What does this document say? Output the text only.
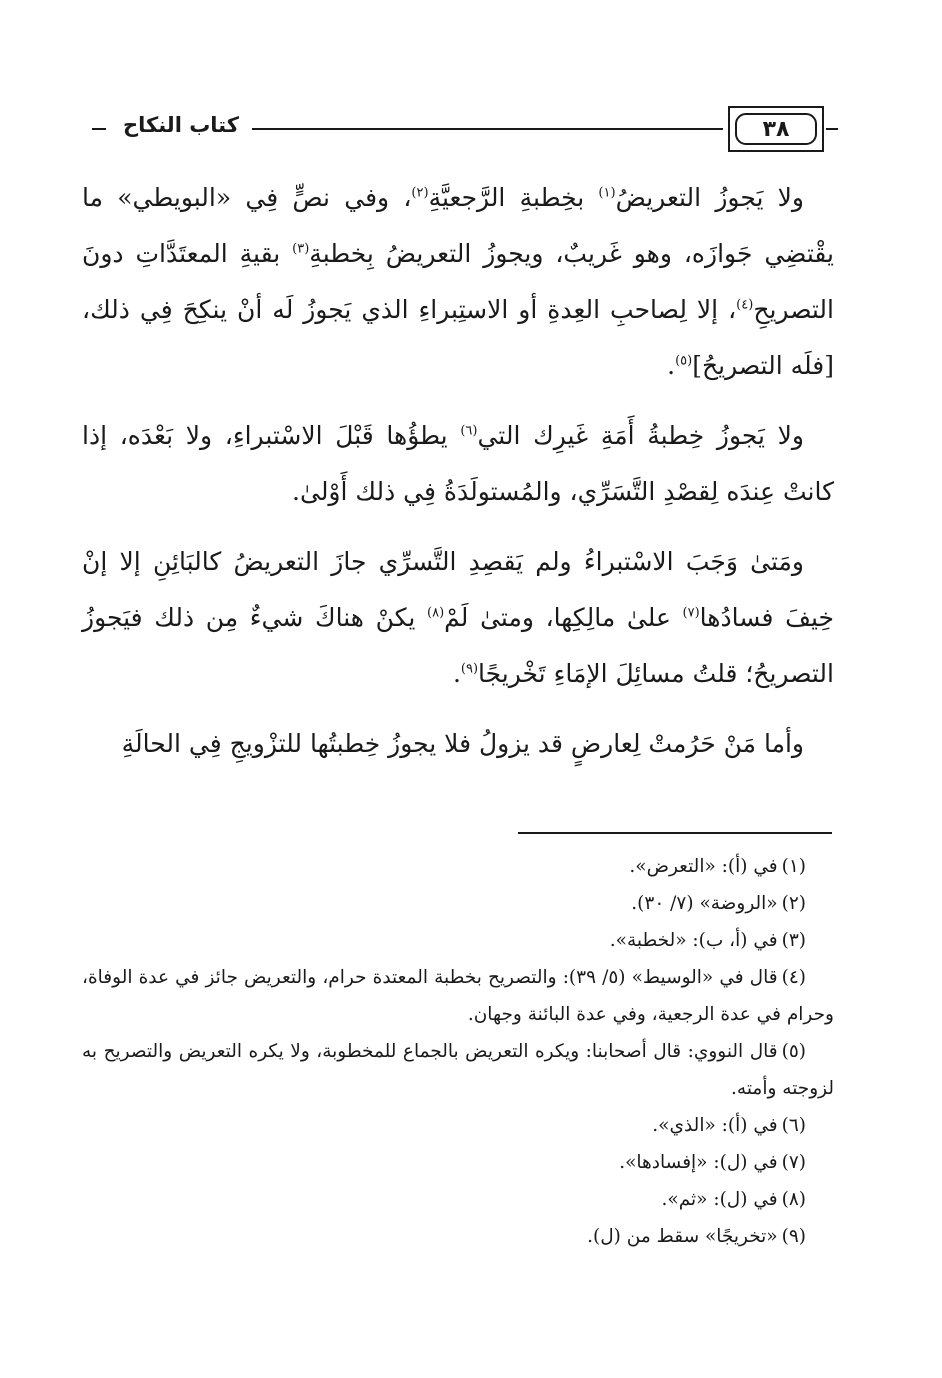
كتاب النكاح	٣٨

ولا يَجوزُ التعريضُ$^{(١)}$ بخِطبةِ الرَّجعيَّةِ$^{(٢)}$، وفي نصٍّ فِي «البويطي» ما يقْتضِي جَوازَه، وهو غَريبٌ، ويجوزُ التعريضُ بِخطبةِ$^{(٣)}$ بقيةِ المعتَدَّاتِ دونَ التصريحِ$^{(٤)}$، إلا لِصاحبِ العِدةِ أو الاستِبراءِ الذي يَجوزُ لَه أنْ ينكِحَ فِي ذلك، [فلَه التصريحُ]$^{(٥)}$.

ولا يَجوزُ خِطبةُ أَمَةِ غَيرِك التي$^{(٦)}$ يطؤُها قَبْلَ الاسْتبراءِ، ولا بَعْدَه، إذا كانتْ عِندَه لِقصْدِ التَّسَرِّي، والمُستولَدَةُ فِي ذلك أَوْلىٰ.

ومَتىٰ وَجَبَ الاسْتبراءُ ولم يَقصِدِ التَّسرِّي جازَ التعريضُ كالبَائِنِ إلا إنْ خِيفَ فسادُها$^{(٧)}$ علىٰ مالِكِها، ومتىٰ لَمْ$^{(٨)}$ يكنْ هناكَ شيءٌ مِن ذلك فيَجوزُ التصريحُ؛ قلتُ مسائِلَ الإمَاءِ تَخْريجًا$^{(٩)}$.

وأما مَنْ حَرُمتْ لِعارضٍ قد يزولُ فلا يجوزُ خِطبتُها للتزْويجِ فِي الحالَةِ

(١)في (أ): «التعرض».

(٢)«الروضة» (٧/ ٣٠).

(٣)في (أ، ب): «لخطبة».

(٤)قال في «الوسيط» (٥/ ٣٩): والتصريح بخطبة المعتدة حرام، والتعريض جائز في عدة الوفاة، وحرام في عدة الرجعية، وفي عدة البائنة وجهان.

(٥)قال النووي: قال أصحابنا: ويكره التعريض بالجماع للمخطوبة، ولا يكره التعريض والتصريح به لزوجته وأمته.

(٦)في (أ): «الذي».

(٧)في (ل): «إفسادها».

(٨)في (ل): «ثم».

(٩)«تخريجًا» سقط من (ل).
